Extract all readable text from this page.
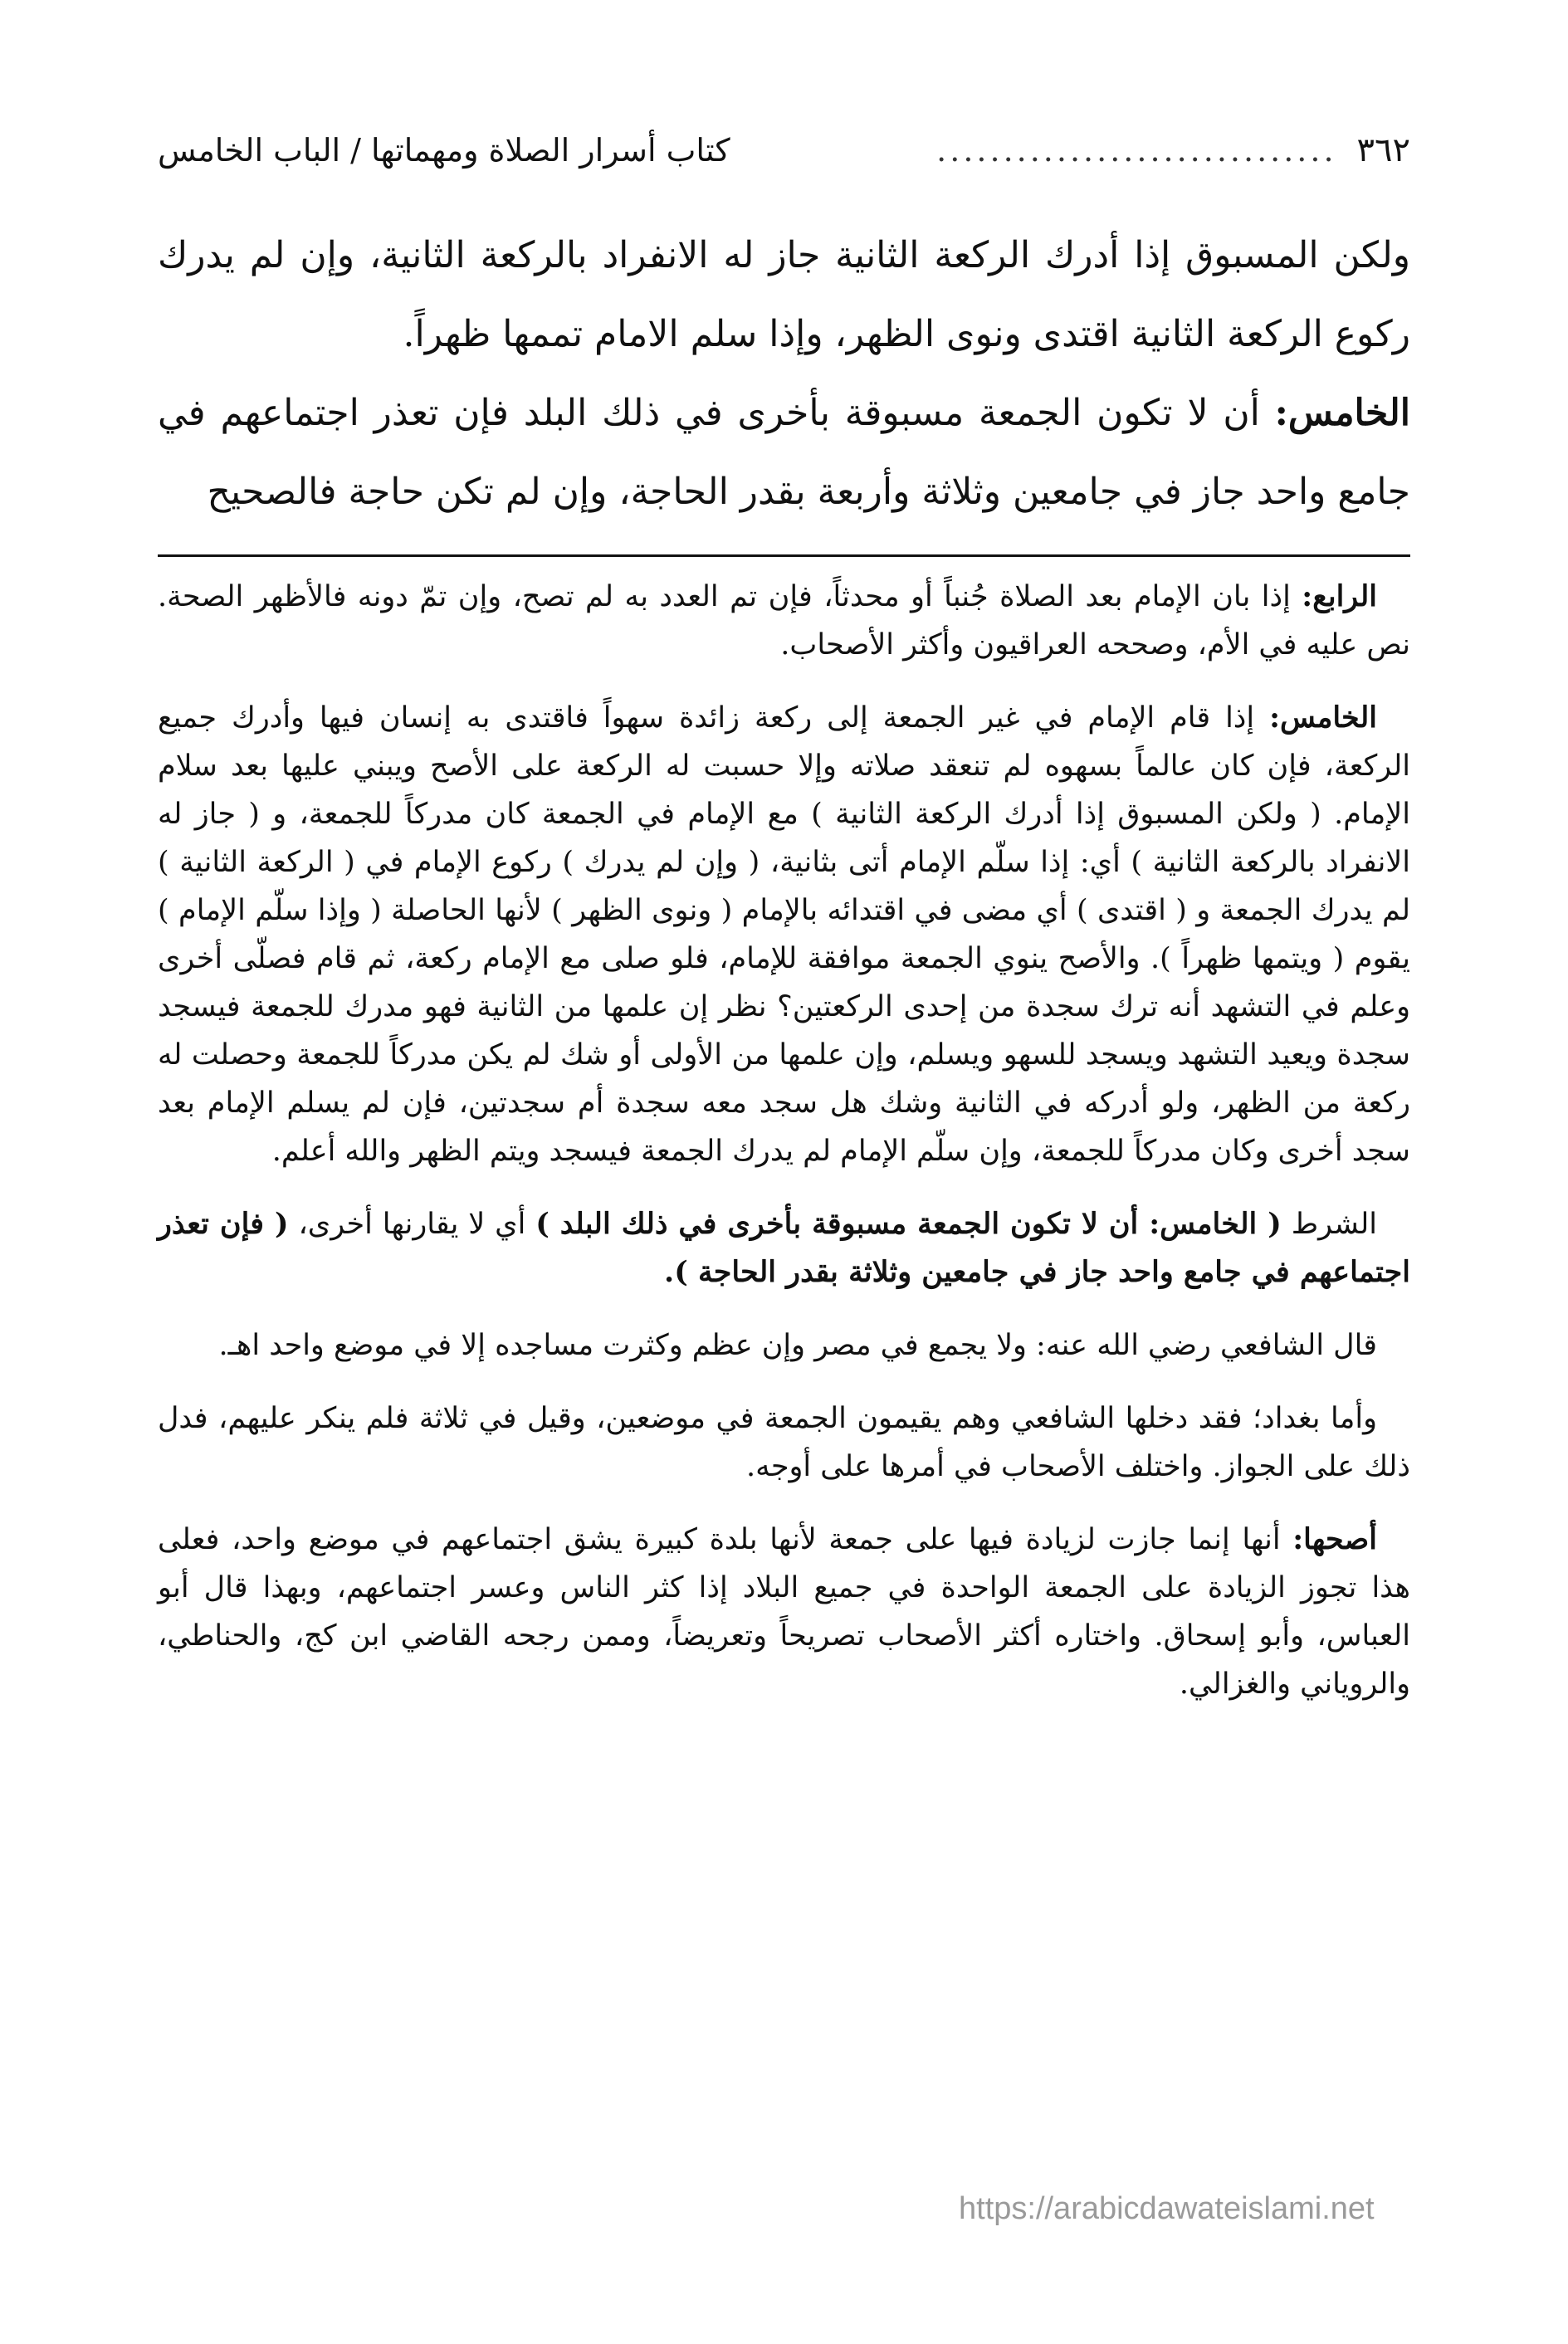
٣٦٢
..............................
كتاب أسرار الصلاة ومهماتها / الباب الخامس

ولكن المسبوق إذا أدرك الركعة الثانية جاز له الانفراد بالركعة الثانية، وإن لم يدرك ركوع الركعة الثانية اقتدى ونوى الظهر، وإذا سلم الامام تممها ظهراً.

الخامس: أن لا تكون الجمعة مسبوقة بأخرى في ذلك البلد فإن تعذر اجتماعهم في جامع واحد جاز في جامعين وثلاثة وأربعة بقدر الحاجة، وإن لم تكن حاجة فالصحيح

الرابع: إذا بان الإمام بعد الصلاة جُنباً أو محدثاً، فإن تم العدد به لم تصح، وإن تمّ دونه فالأظهر الصحة. نص عليه في الأم، وصححه العراقيون وأكثر الأصحاب.

الخامس: إذا قام الإمام في غير الجمعة إلى ركعة زائدة سهواً فاقتدى به إنسان فيها وأدرك جميع الركعة، فإن كان عالماً بسهوه لم تنعقد صلاته وإلا حسبت له الركعة على الأصح ويبني عليها بعد سلام الإمام. ( ولكن المسبوق إذا أدرك الركعة الثانية ) مع الإمام في الجمعة كان مدركاً للجمعة، و ( جاز له الانفراد بالركعة الثانية ) أي: إذا سلّم الإمام أتى بثانية، ( وإن لم يدرك ) ركوع الإمام في ( الركعة الثانية ) لم يدرك الجمعة و ( اقتدى ) أي مضى في اقتدائه بالإمام ( ونوى الظهر ) لأنها الحاصلة ( وإذا سلّم الإمام ) يقوم ( ويتمها ظهراً ). والأصح ينوي الجمعة موافقة للإمام، فلو صلى مع الإمام ركعة، ثم قام فصلّى أخرى وعلم في التشهد أنه ترك سجدة من إحدى الركعتين؟ نظر إن علمها من الثانية فهو مدرك للجمعة فيسجد سجدة ويعيد التشهد ويسجد للسهو ويسلم، وإن علمها من الأولى أو شك لم يكن مدركاً للجمعة وحصلت له ركعة من الظهر، ولو أدركه في الثانية وشك هل سجد معه سجدة أم سجدتين، فإن لم يسلم الإمام بعد سجد أخرى وكان مدركاً للجمعة، وإن سلّم الإمام لم يدرك الجمعة فيسجد ويتم الظهر والله أعلم.

الشرط ( الخامس: أن لا تكون الجمعة مسبوقة بأخرى في ذلك البلد ) أي لا يقارنها أخرى، ( فإن تعذر اجتماعهم في جامع واحد جاز في جامعين وثلاثة بقدر الحاجة ).

قال الشافعي رضي الله عنه: ولا يجمع في مصر وإن عظم وكثرت مساجده إلا في موضع واحد اهـ.

وأما بغداد؛ فقد دخلها الشافعي وهم يقيمون الجمعة في موضعين، وقيل في ثلاثة فلم ينكر عليهم، فدل ذلك على الجواز. واختلف الأصحاب في أمرها على أوجه.

أصحها: أنها إنما جازت لزيادة فيها على جمعة لأنها بلدة كبيرة يشق اجتماعهم في موضع واحد، فعلى هذا تجوز الزيادة على الجمعة الواحدة في جميع البلاد إذا كثر الناس وعسر اجتماعهم، وبهذا قال أبو العباس، وأبو إسحاق. واختاره أكثر الأصحاب تصريحاً وتعريضاً، وممن رجحه القاضي ابن كج، والحناطي، والروياني والغزالي.

https://arabicdawateislami.net
